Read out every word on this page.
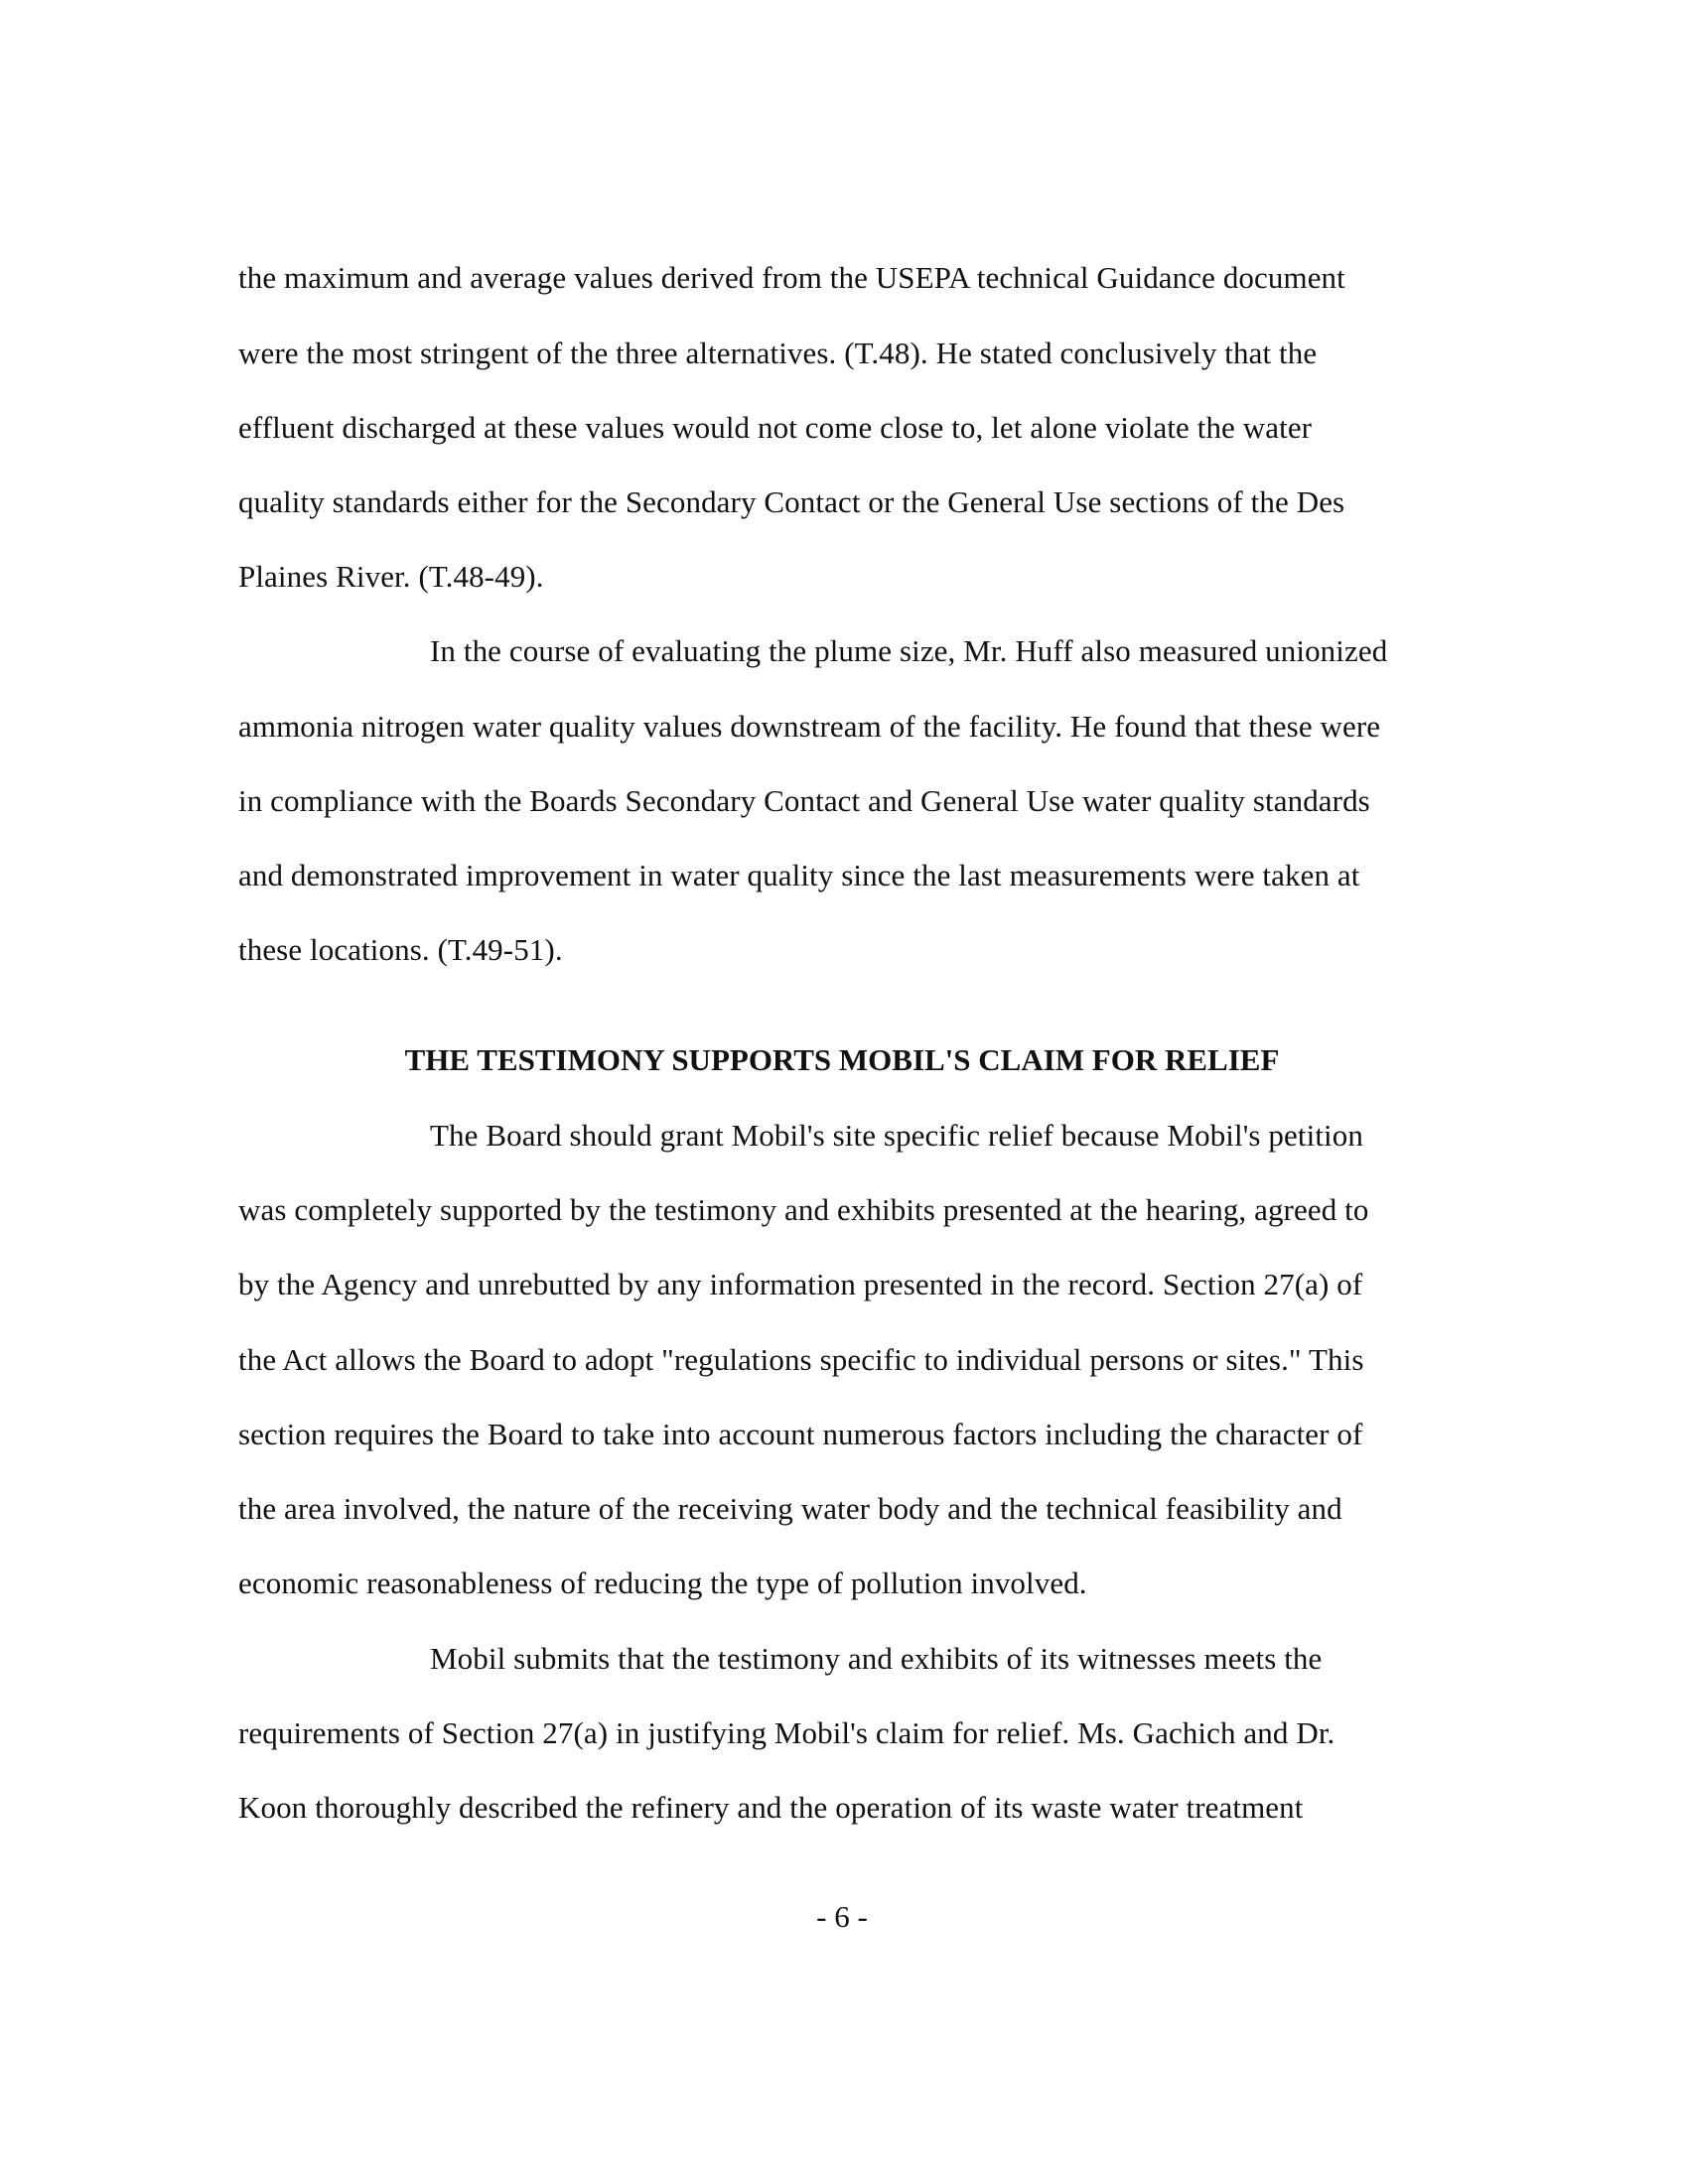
the maximum and average values derived from the USEPA technical Guidance document
were the most stringent of the three alternatives. (T.48). He stated conclusively that the
effluent discharged at these values would not come close to, let alone violate the water
quality standards either for the Secondary Contact or the General Use sections of the Des
Plaines River. (T.48-49).
In the course of evaluating the plume size, Mr. Huff also measured unionized
ammonia nitrogen water quality values downstream of the facility. He found that these were
in compliance with the Boards Secondary Contact and General Use water quality standards
and demonstrated improvement in water quality since the last measurements were taken at
these locations. (T.49-51).
THE TESTIMONY SUPPORTS MOBIL'S CLAIM FOR RELIEF
The Board should grant Mobil's site specific relief because Mobil's petition
was completely supported by the testimony and exhibits presented at the hearing, agreed to
by the Agency and unrebutted by any information presented in the record. Section 27(a) of
the Act allows the Board to adopt "regulations specific to individual persons or sites." This
section requires the Board to take into account numerous factors including the character of
the area involved, the nature of the receiving water body and the technical feasibility and
economic reasonableness of reducing the type of pollution involved.
Mobil submits that the testimony and exhibits of its witnesses meets the
requirements of Section 27(a) in justifying Mobil's claim for relief. Ms. Gachich and Dr.
Koon thoroughly described the refinery and the operation of its waste water treatment
- 6 -
